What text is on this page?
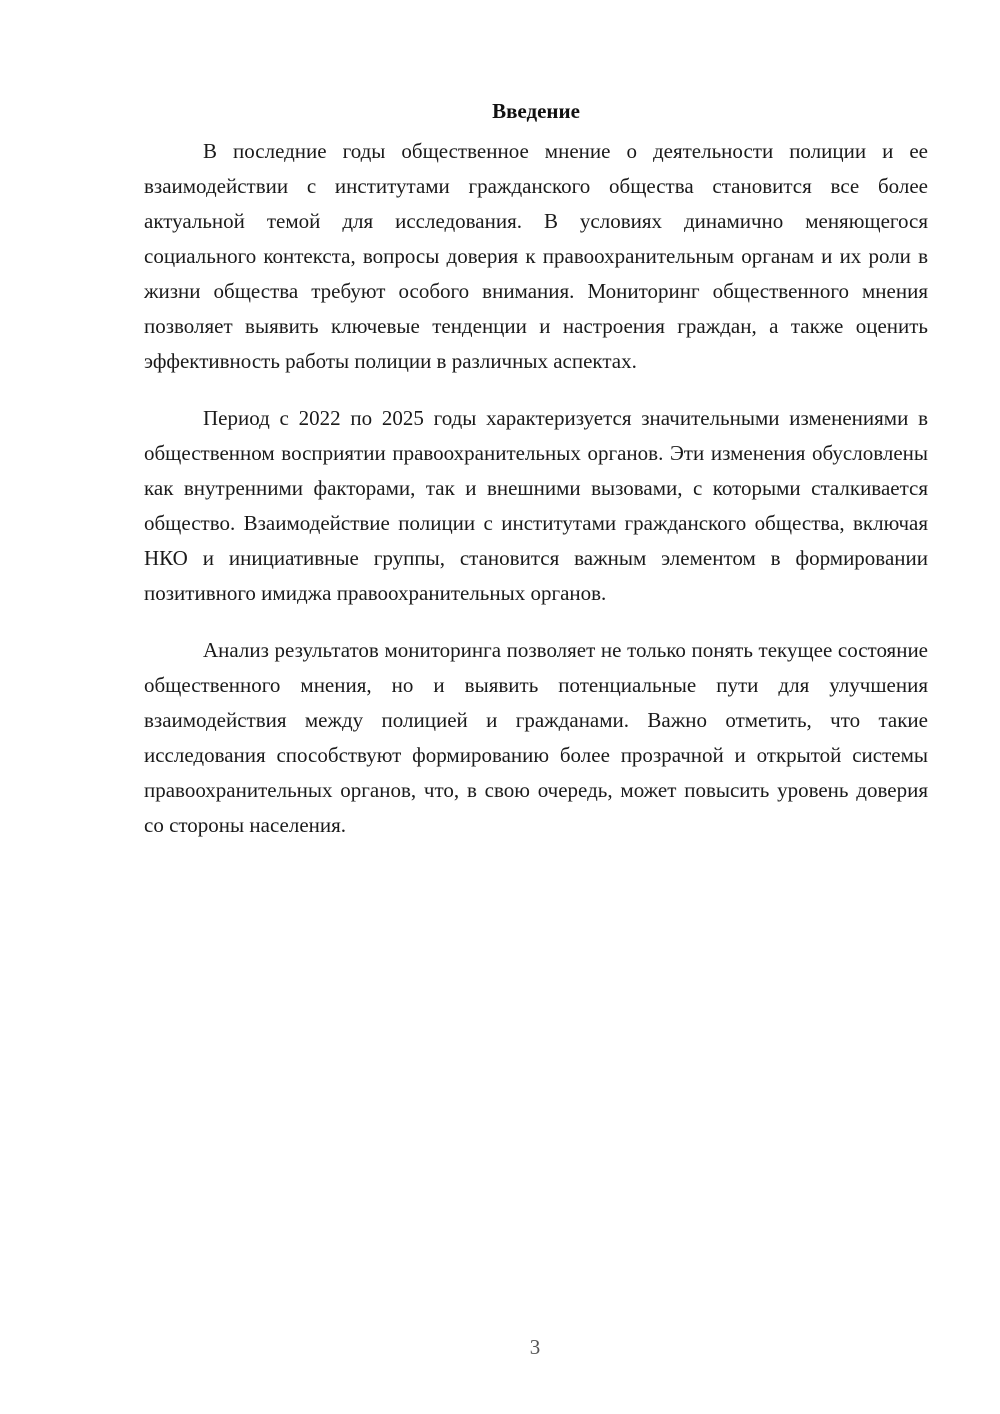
Введение

В последние годы общественное мнение о деятельности полиции и ее взаимодействии с институтами гражданского общества становится все более актуальной темой для исследования. В условиях динамично меняющегося социального контекста, вопросы доверия к правоохранительным органам и их роли в жизни общества требуют особого внимания. Мониторинг общественного мнения позволяет выявить ключевые тенденции и настроения граждан, а также оценить эффективность работы полиции в различных аспектах.

Период с 2022 по 2025 годы характеризуется значительными изменениями в общественном восприятии правоохранительных органов. Эти изменения обусловлены как внутренними факторами, так и внешними вызовами, с которыми сталкивается общество. Взаимодействие полиции с институтами гражданского общества, включая НКО и инициативные группы, становится важным элементом в формировании позитивного имиджа правоохранительных органов.

Анализ результатов мониторинга позволяет не только понять текущее состояние общественного мнения, но и выявить потенциальные пути для улучшения взаимодействия между полицией и гражданами. Важно отметить, что такие исследования способствуют формированию более прозрачной и открытой системы правоохранительных органов, что, в свою очередь, может повысить уровень доверия со стороны населения.

3
